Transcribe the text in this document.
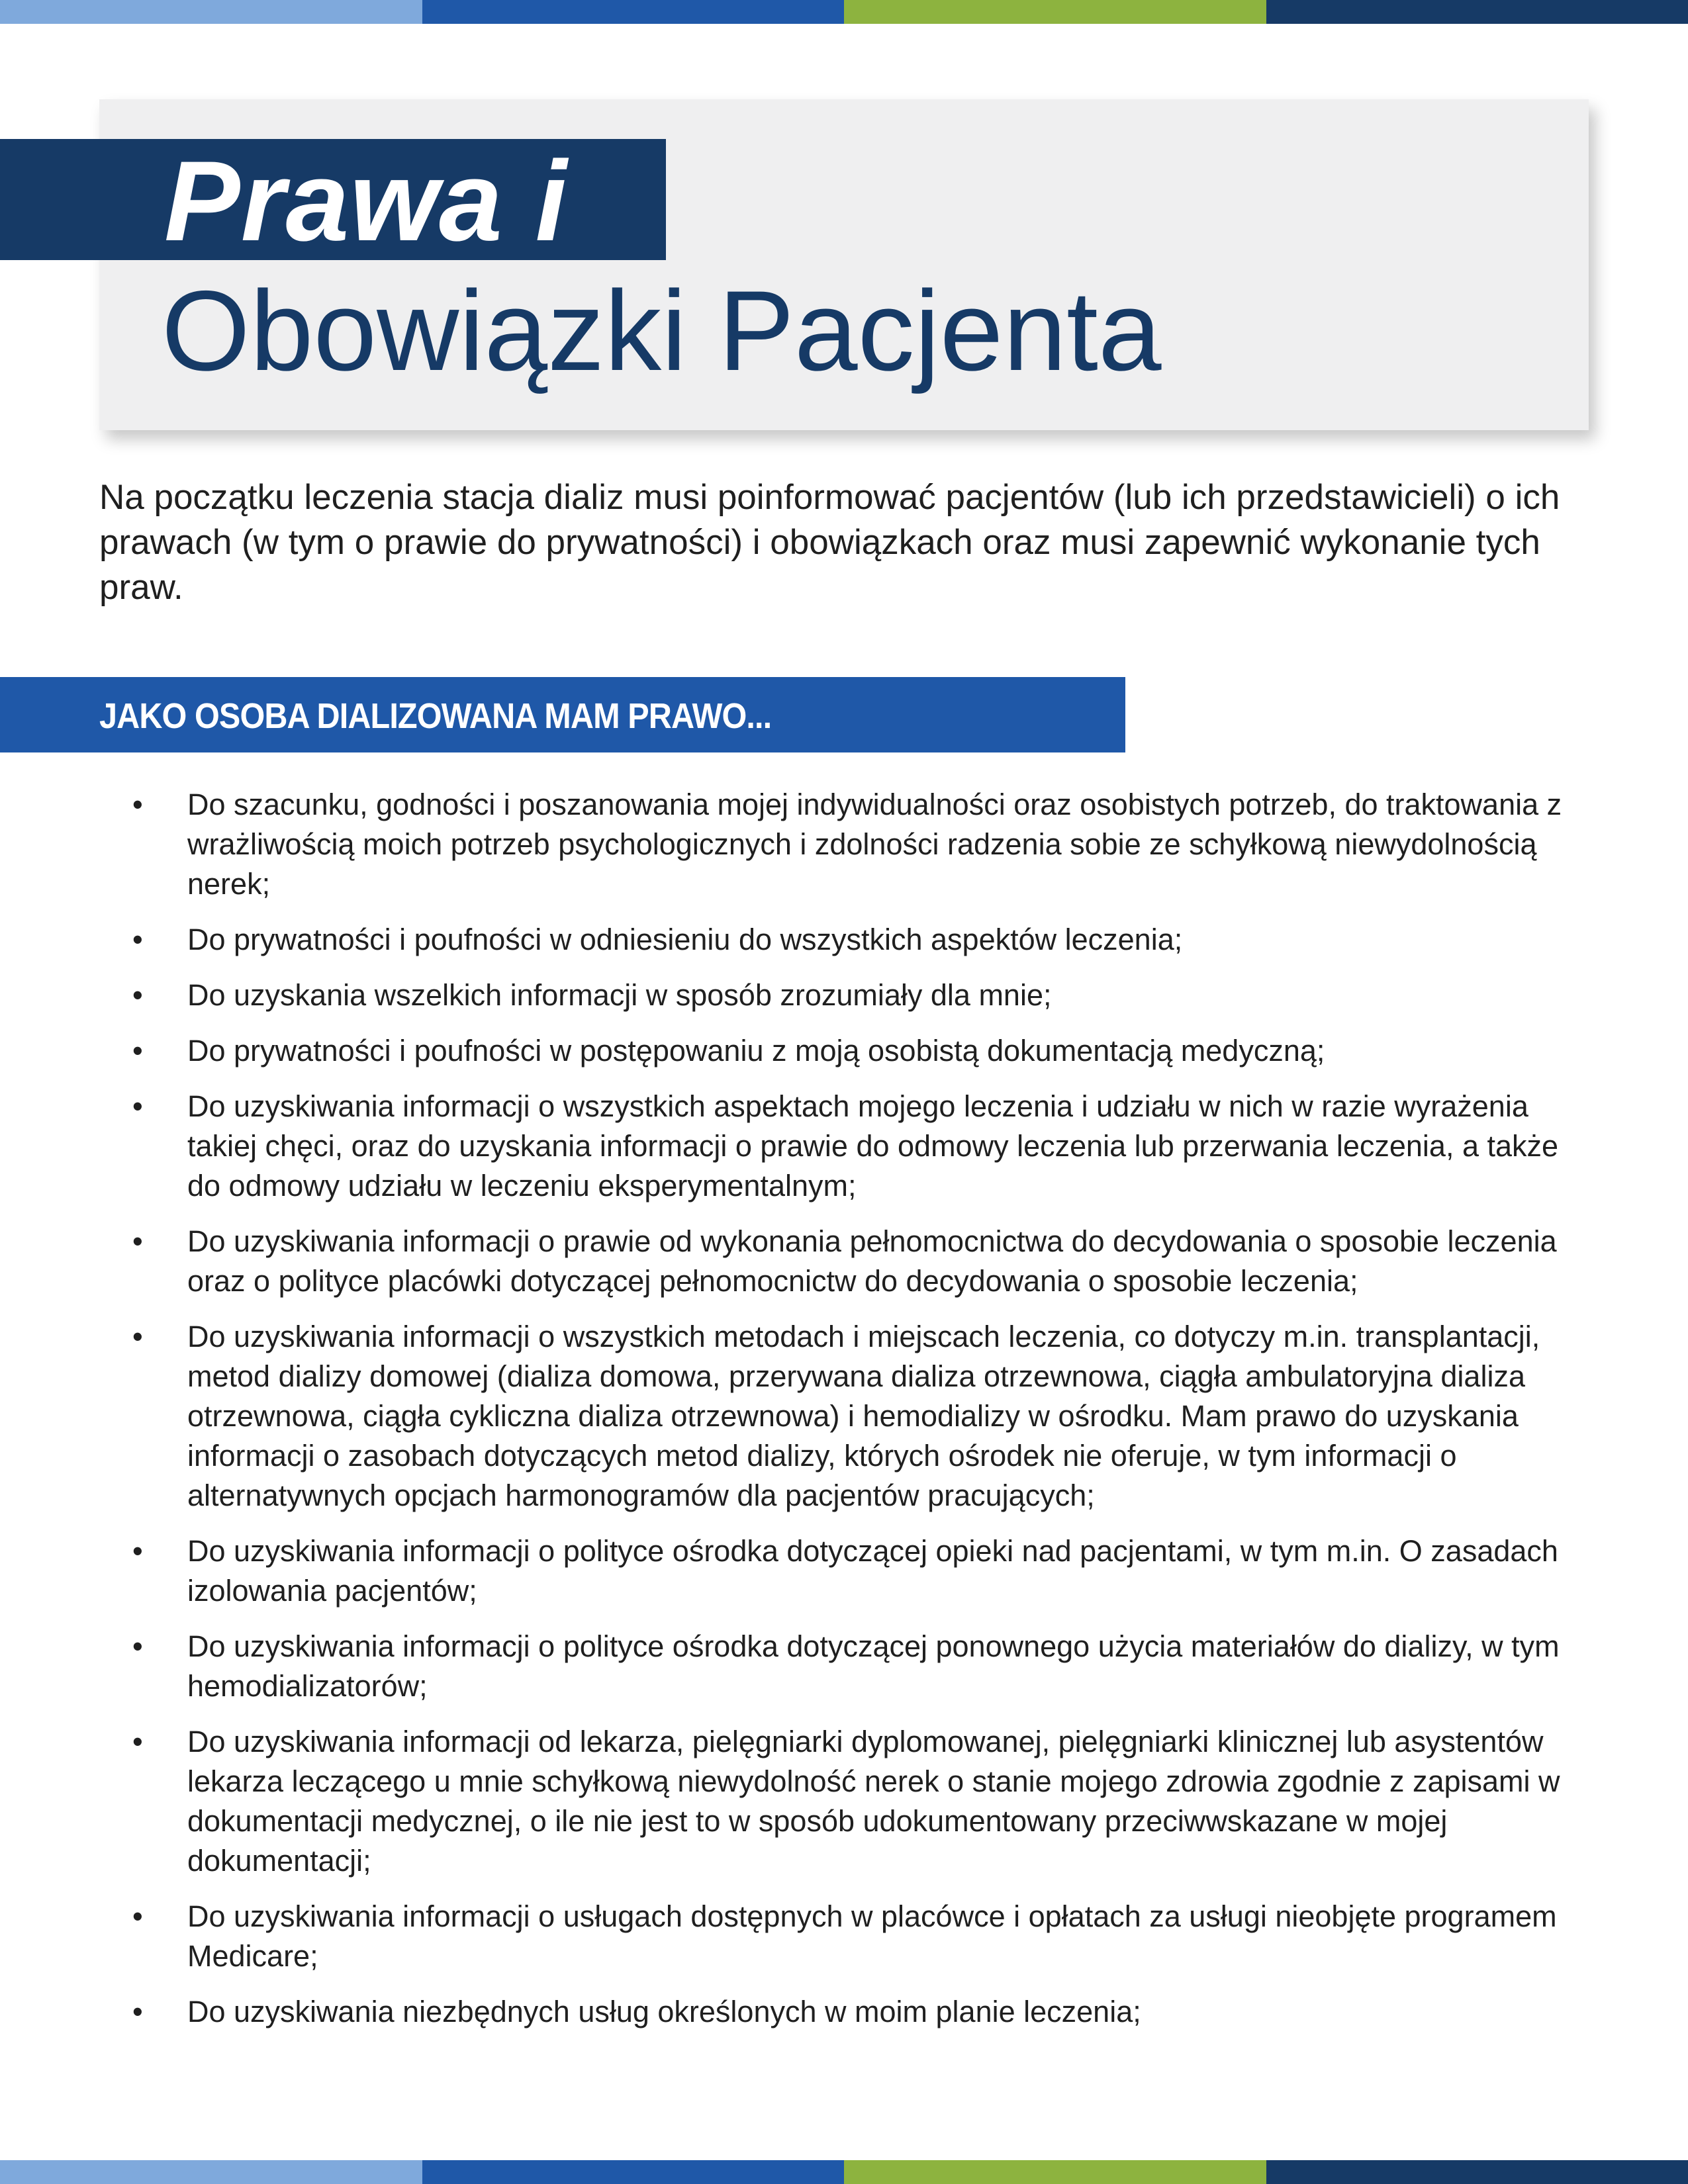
Prawa i
Obowiązki Pacjenta

Na początku leczenia stacja dializ musi poinformować pacjentów (lub ich przedstawicieli) o ich prawach (w tym o prawie do prywatności) i obowiązkach oraz musi zapewnić wykonanie tych praw.

JAKO OSOBA DIALIZOWANA MAM PRAWO...
• Do szacunku, godności i poszanowania mojej indywidualności oraz osobistych potrzeb, do traktowania z wrażliwością moich potrzeb psychologicznych i zdolności radzenia sobie ze schyłkową niewydolnością nerek;
• Do prywatności i poufności w odniesieniu do wszystkich aspektów leczenia;
• Do uzyskania wszelkich informacji w sposób zrozumiały dla mnie;
• Do prywatności i poufności w postępowaniu z moją osobistą dokumentacją medyczną;
• Do uzyskiwania informacji o wszystkich aspektach mojego leczenia i udziału w nich w razie wyrażenia takiej chęci, oraz do uzyskania informacji o prawie do odmowy leczenia lub przerwania leczenia, a także do odmowy udziału w leczeniu eksperymentalnym;
• Do uzyskiwania informacji o prawie od wykonania pełnomocnictwa do decydowania o sposobie leczenia oraz o polityce placówki dotyczącej pełnomocnictw do decydowania o sposobie leczenia;
• Do uzyskiwania informacji o wszystkich metodach i miejscach leczenia, co dotyczy m.in. transplantacji, metod dializy domowej (dializa domowa, przerywana dializa otrzewnowa, ciągła ambulatoryjna dializa otrzewnowa, ciągła cykliczna dializa otrzewnowa) i hemodializy w ośrodku. Mam prawo do uzyskania informacji o zasobach dotyczących metod dializy, których ośrodek nie oferuje, w tym informacji o alternatywnych opcjach harmonogramów dla pacjentów pracujących;
• Do uzyskiwania informacji o polityce ośrodka dotyczącej opieki nad pacjentami, w tym m.in. O zasadach izolowania pacjentów;
• Do uzyskiwania informacji o polityce ośrodka dotyczącej ponownego użycia materiałów do dializy, w tym hemodializatorów;
• Do uzyskiwania informacji od lekarza, pielęgniarki dyplomowanej, pielęgniarki klinicznej lub asystentów lekarza leczącego u mnie schyłkową niewydolność nerek o stanie mojego zdrowia zgodnie z zapisami w dokumentacji medycznej, o ile nie jest to w sposób udokumentowany przeciwwskazane w mojej dokumentacji;
• Do uzyskiwania informacji o usługach dostępnych w placówce i opłatach za usługi nieobjęte programem Medicare;
• Do uzyskiwania niezbędnych usług określonych w moim planie leczenia;
